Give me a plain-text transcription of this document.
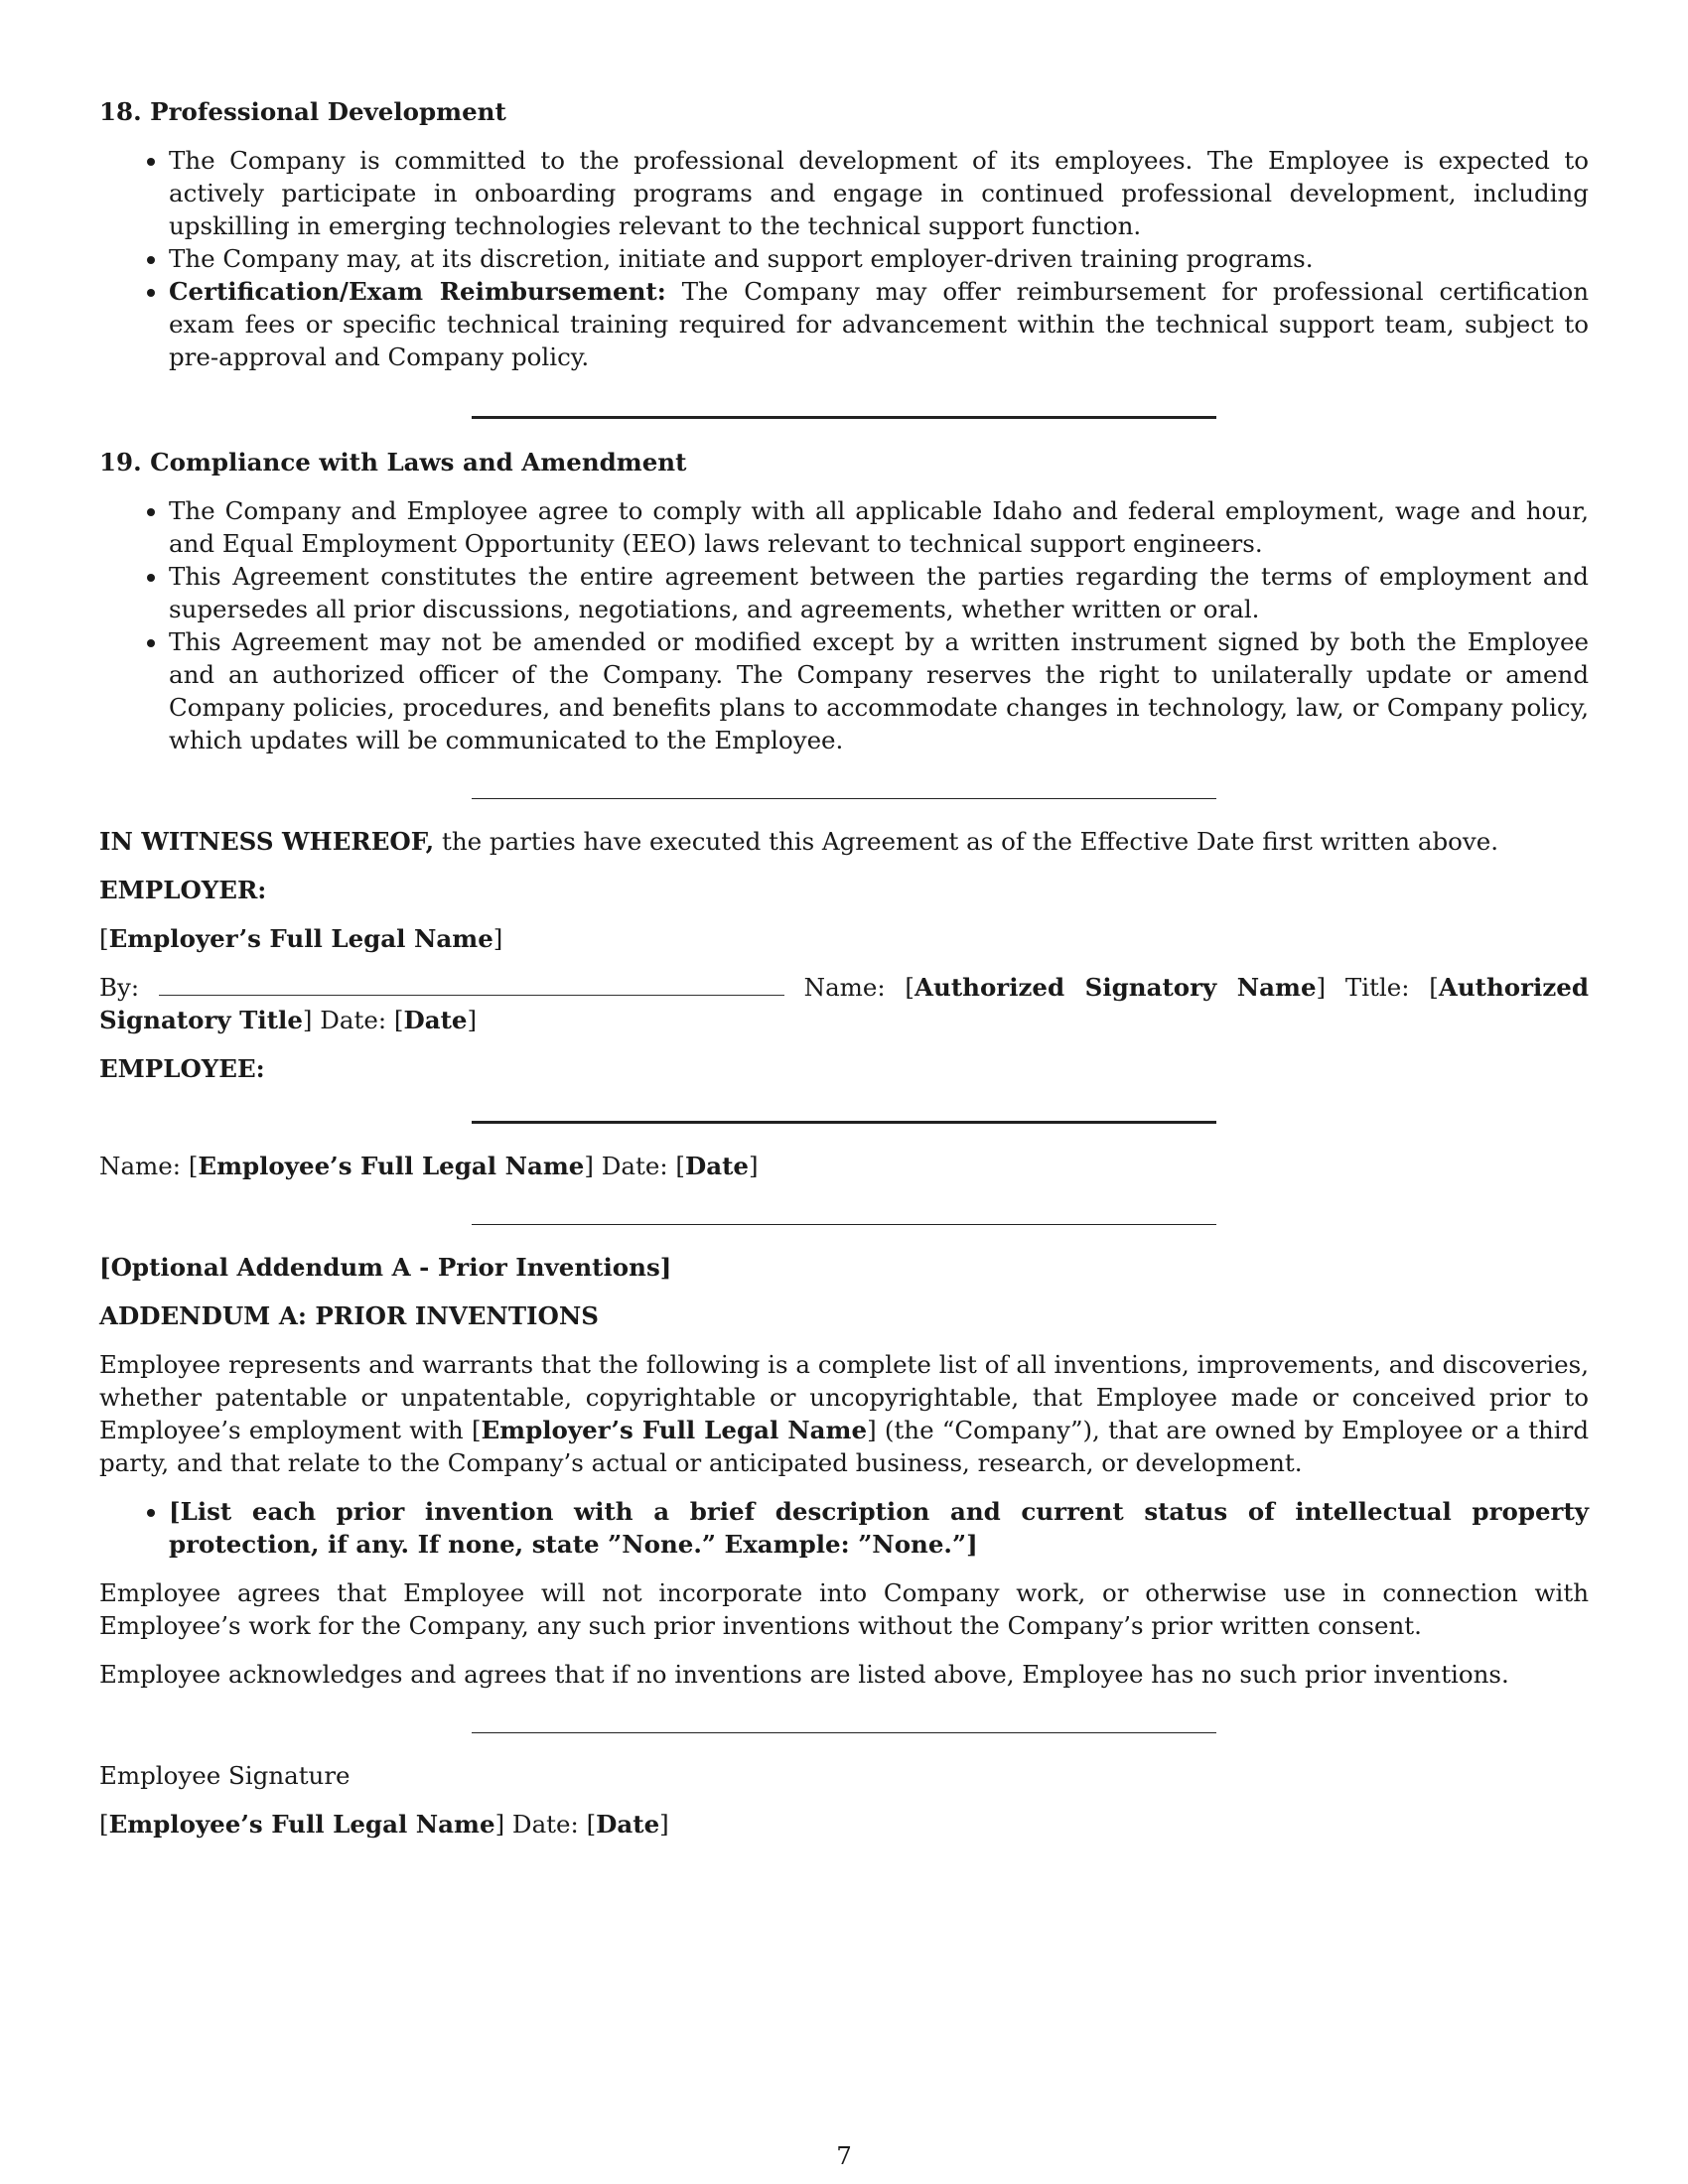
18. Professional Development
• The Company is committed to the professional development of its employees. The Employee is expected to actively participate in onboarding programs and engage in continued professional development, including upskilling in emerging technologies relevant to the technical support function.
• The Company may, at its discretion, initiate and support employer-driven training programs.
• Certification/Exam Reimbursement: The Company may offer reimbursement for professional certification exam fees or specific technical training required for advancement within the technical support team, subject to pre-approval and Company policy.
19. Compliance with Laws and Amendment
• The Company and Employee agree to comply with all applicable Idaho and federal employment, wage and hour, and Equal Employment Opportunity (EEO) laws relevant to technical support engineers.
• This Agreement constitutes the entire agreement between the parties regarding the terms of employment and supersedes all prior discussions, negotiations, and agreements, whether written or oral.
• This Agreement may not be amended or modified except by a written instrument signed by both the Employee and an authorized officer of the Company. The Company reserves the right to unilaterally update or amend Company policies, procedures, and benefits plans to accommodate changes in technology, law, or Company policy, which updates will be communicated to the Employee.

IN WITNESS WHEREOF, the parties have executed this Agreement as of the Effective Date first written above.

EMPLOYER:
[Employer’s Full Legal Name]

By:	Name: [Authorized Signatory Name] Title: [Authorized Signatory Title] Date: [Date]

EMPLOYEE:
Name: [Employee’s Full Legal Name] Date: [Date]
[Optional Addendum A - Prior Inventions]
ADDENDUM A: PRIOR INVENTIONS

Employee represents and warrants that the following is a complete list of all inventions, improvements, and discoveries, whether patentable or unpatentable, copyrightable or uncopyrightable, that Employee made or conceived prior to Employee’s employment with [Employer’s Full Legal Name] (the “Company”), that are owned by Employee or a third party, and that relate to the Company’s actual or anticipated business, research, or development.

• [List each prior invention with a brief description and current status of intellectual property protection, if any. If none, state ”None.” Example: ”None.”]

Employee agrees that Employee will not incorporate into Company work, or otherwise use in connection with Employee’s work for the Company, any such prior inventions without the Company’s prior written consent.

Employee acknowledges and agrees that if no inventions are listed above, Employee has no such prior inventions.

Employee Signature
[Employee’s Full Legal Name] Date: [Date]
7
